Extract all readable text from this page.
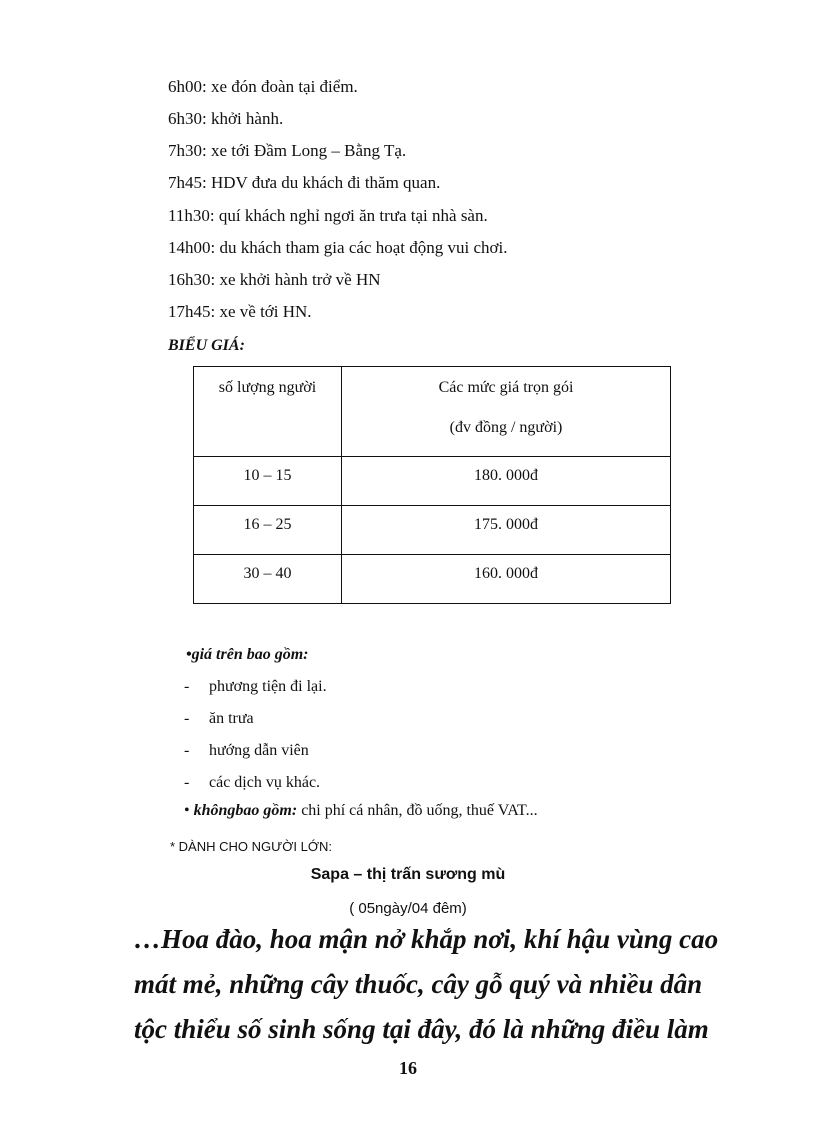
6h00: xe đón đoàn tại điểm.
6h30: khởi hành.
7h30: xe tới Đầm Long – Bằng Tạ.
7h45: HDV đưa du khách đi thăm quan.
11h30: quí khách nghỉ ngơi ăn trưa tại nhà sàn.
14h00: du khách tham gia các hoạt động vui chơi.
16h30: xe khởi hành trở về HN
17h45: xe về tới HN.
BIỂU GIÁ:
số lượng người	Các mức giá trọn gói
(đv đồng / người)

10 – 15	180. 000đ
16 – 25	175. 000đ
30 – 40	160. 000đ
•giá trên bao gồm:
- phương tiện đi lại.
- ăn trưa
- hướng dẫn viên
- các dịch vụ khác.
• khôngbao gồm: chi phí cá nhân, đồ uống, thuế VAT...
* DÀNH CHO NGƯỜI LỚN:
Sapa – thị trấn sương mù
( 05ngày/04 đêm)
…Hoa đào, hoa mận nở khắp nơi, khí hậu vùng cao
mát mẻ, những cây thuốc, cây gỗ quý và nhiều dân
tộc thiểu số sinh sống tại đây, đó là những điều làm
16
